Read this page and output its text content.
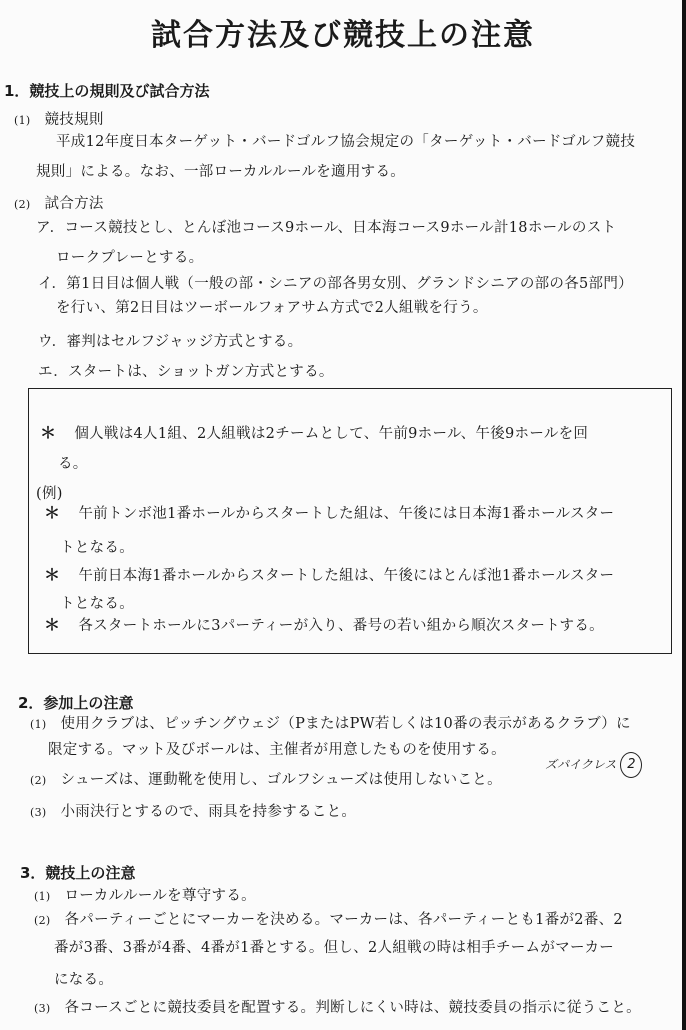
試合方法及び競技上の注意
1．競技上の規則及び試合方法
(1) 競技規則
平成12年度日本ターゲット・バードゴルフ協会規定の「ターゲット・バードゴルフ競技
規則」による。なお、一部ローカルルールを適用する。
(2) 試合方法
ア．コース競技とし、とんぼ池コース9ホール、日本海コース9ホール計18ホールのスト
ロークプレーとする。
イ．第1日目は個人戦（一般の部・シニアの部各男女別、グランドシニアの部の各5部門）
を行い、第2日目はツーボールフォアサム方式で2人組戦を行う。
ウ．審判はセルフジャッジ方式とする。
エ．スタートは、ショットガン方式とする。
＊ 個人戦は4人1組、2人組戦は2チームとして、午前9ホール、午後9ホールを回
る。
(例)
＊ 午前トンボ池1番ホールからスタートした組は、午後には日本海1番ホールスター
トとなる。
＊ 午前日本海1番ホールからスタートした組は、午後にはとんぼ池1番ホールスター
トとなる。
＊ 各スタートホールに3パーティーが入り、番号の若い組から順次スタートする。
2．参加上の注意
(1) 使用クラブは、ピッチングウェジ（PまたはPW若しくは10番の表示があるクラブ）に
限定する。マット及びボールは、主催者が用意したものを使用する。
(2) シューズは、運動靴を使用し、ゴルフシューズは使用しないこと。
ズパイクレス 2
(3) 小雨決行とするので、雨具を持参すること。
3．競技上の注意
(1) ローカルルールを尊守する。
(2) 各パーティーごとにマーカーを決める。マーカーは、各パーティーとも1番が2番、2
番が3番、3番が4番、4番が1番とする。但し、2人組戦の時は相手チームがマーカー
になる。
(3) 各コースごとに競技委員を配置する。判断しにくい時は、競技委員の指示に従うこと。
